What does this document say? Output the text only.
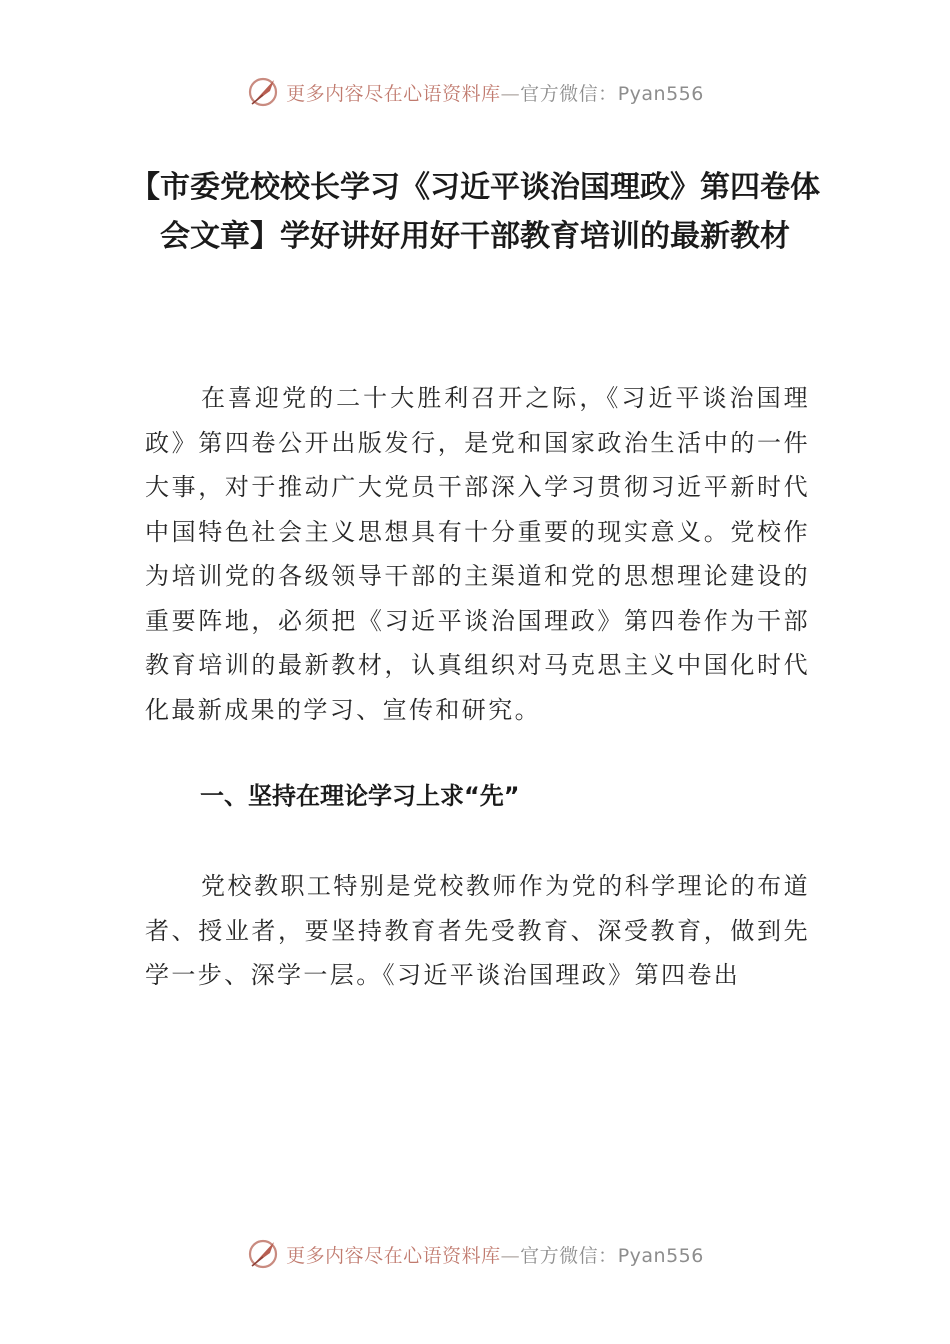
更多内容尽在心语资料库—官方微信：Pyan556
【市委党校校长学习《习近平谈治国理政》第四卷体会文章】学好讲好用好干部教育培训的最新教材

在喜迎党的二十大胜利召开之际，《习近平谈治国理政》第四卷公开出版发行，是党和国家政治生活中的一件大事，对于推动广大党员干部深入学习贯彻习近平新时代中国特色社会主义思想具有十分重要的现实意义。党校作为培训党的各级领导干部的主渠道和党的思想理论建设的重要阵地，必须把《习近平谈治国理政》第四卷作为干部教育培训的最新教材，认真组织对马克思主义中国化时代化最新成果的学习、宣传和研究。

一、坚持在理论学习上求“先”

党校教职工特别是党校教师作为党的科学理论的布道者、授业者，要坚持教育者先受教育、深受教育，做到先学一步、深学一层。《习近平谈治国理政》第四卷出

更多内容尽在心语资料库—官方微信：Pyan556
